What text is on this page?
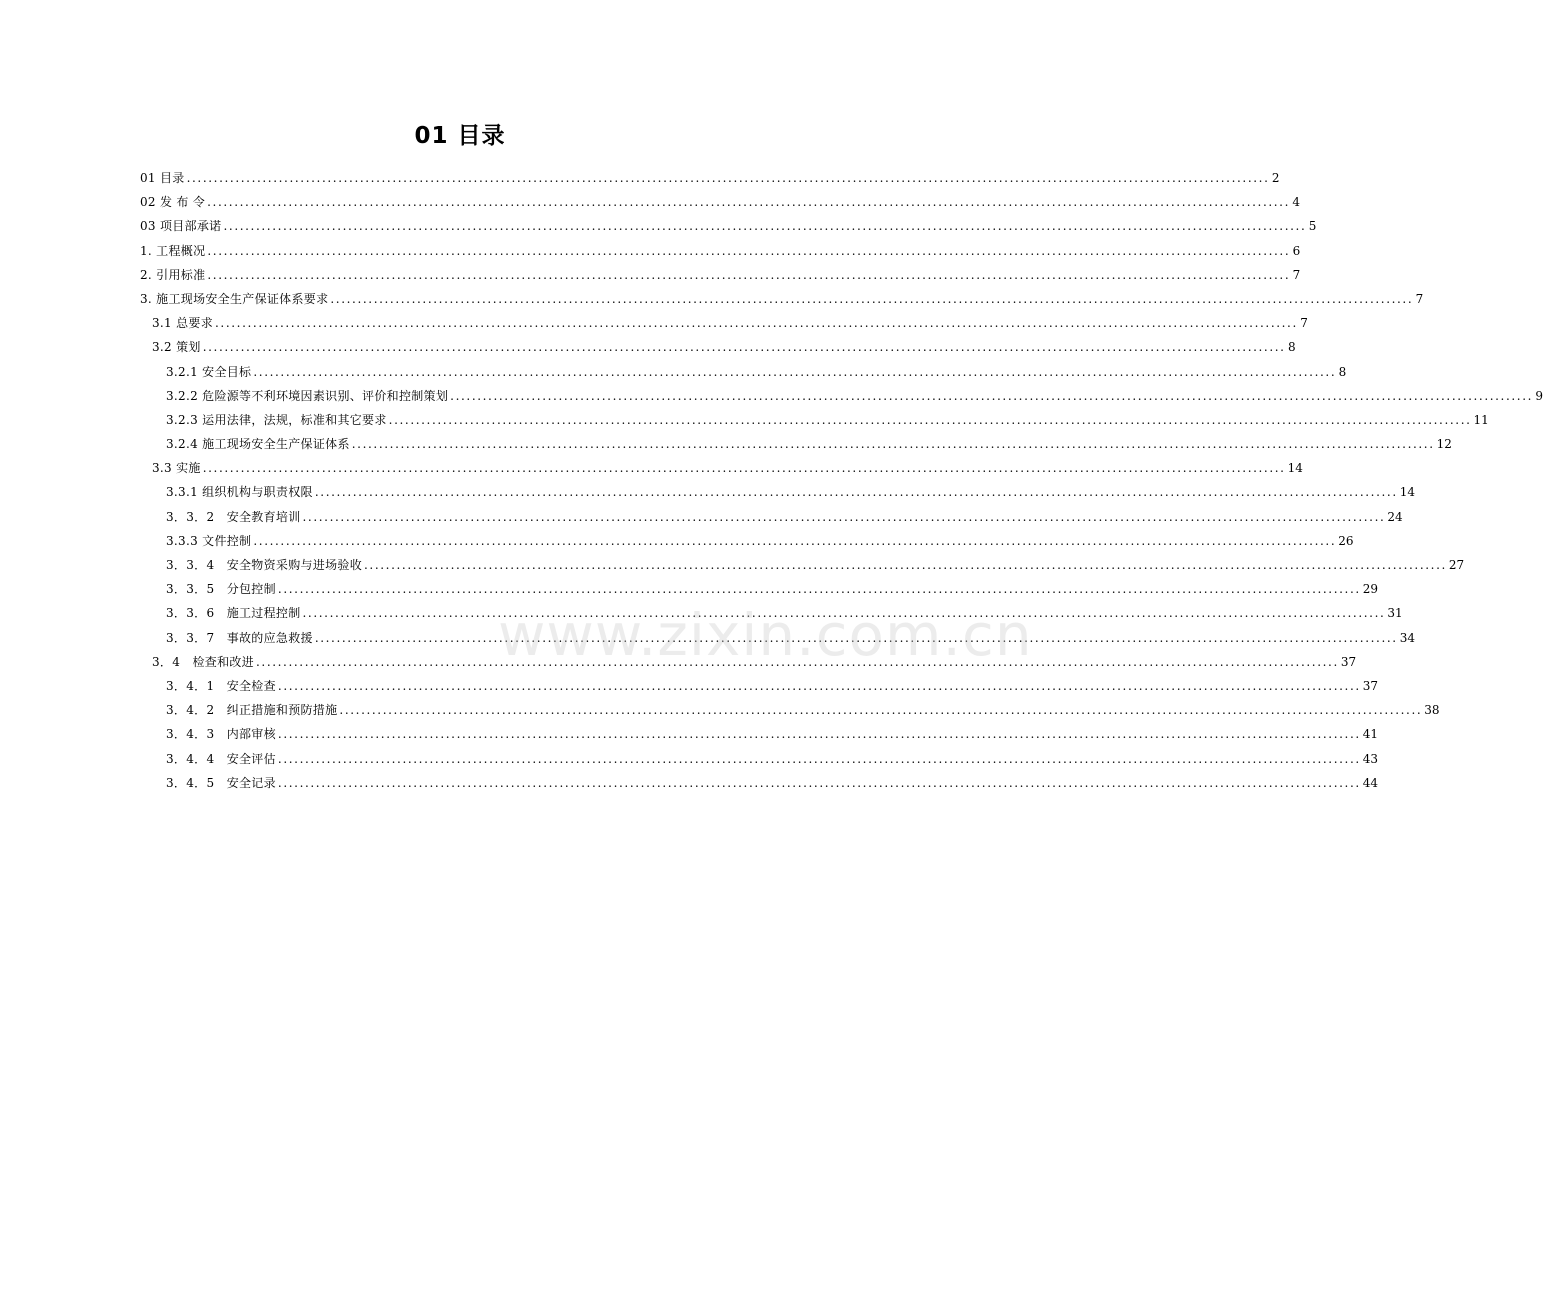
01 目录
01 目录 .....	2
02 发 布 令 .....	4
03 项目部承诺 .....	5
1. 工程概况 .....	6
2. 引用标准 .....	7
3. 施工现场安全生产保证体系要求 .....	7
3.1 总要求 .....	7
3.2 策划 .....	8
3.2.1 安全目标 .....	8
3.2.2 危险源等不利环境因素识别、评价和控制策划 .....	9
3.2.3 运用法律，法规，标准和其它要求 .....	11
3.2.4 施工现场安全生产保证体系 .....	12
3.3 实施 .....	14
3.3.1 组织机构与职责权限 .....	14
3．3．2　安全教育培训 .....	24
3.3.3 文件控制 .....	26
3．3．4　安全物资采购与进场验收 .....	27
3．3．5　分包控制 .....	29
3．3．6　施工过程控制 .....	31
3．3．7　事故的应急救援 .....	34
3．4　检查和改进 .....	37
3．4．1　安全检查 .....	37
3．4．2　纠正措施和预防措施 .....	38
3．4．3　内部审核 .....	41
3．4．4　安全评估 .....	43
3．4．5　安全记录 .....	44
www.zixin.com.cn
